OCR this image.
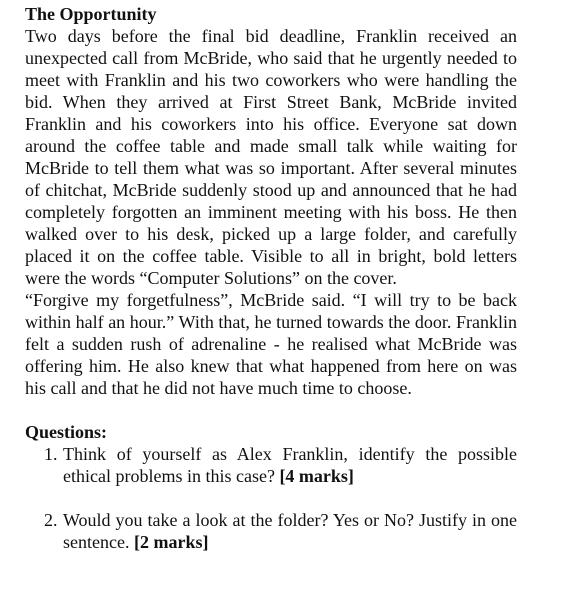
The Opportunity

Two days before the final bid deadline, Franklin received an unexpected call from McBride, who said that he urgently needed to meet with Franklin and his two coworkers who were handling the bid. When they arrived at First Street Bank, McBride invited Franklin and his coworkers into his office. Everyone sat down around the coffee table and made small talk while waiting for McBride to tell them what was so important. After several minutes of chitchat, McBride suddenly stood up and announced that he had completely forgotten an imminent meeting with his boss. He then walked over to his desk, picked up a large folder, and carefully placed it on the coffee table. Visible to all in bright, bold letters were the words “Computer Solutions” on the cover.

“Forgive my forgetfulness”, McBride said. “I will try to be back within half an hour.” With that, he turned towards the door. Franklin felt a sudden rush of adrenaline - he realised what McBride was offering him. He also knew that what happened from here on was his call and that he did not have much time to choose.

Questions:
1. Think of yourself as Alex Franklin, identify the possible ethical problems in this case? [4 marks]
2. Would you take a look at the folder? Yes or No? Justify in one sentence. [2 marks]
